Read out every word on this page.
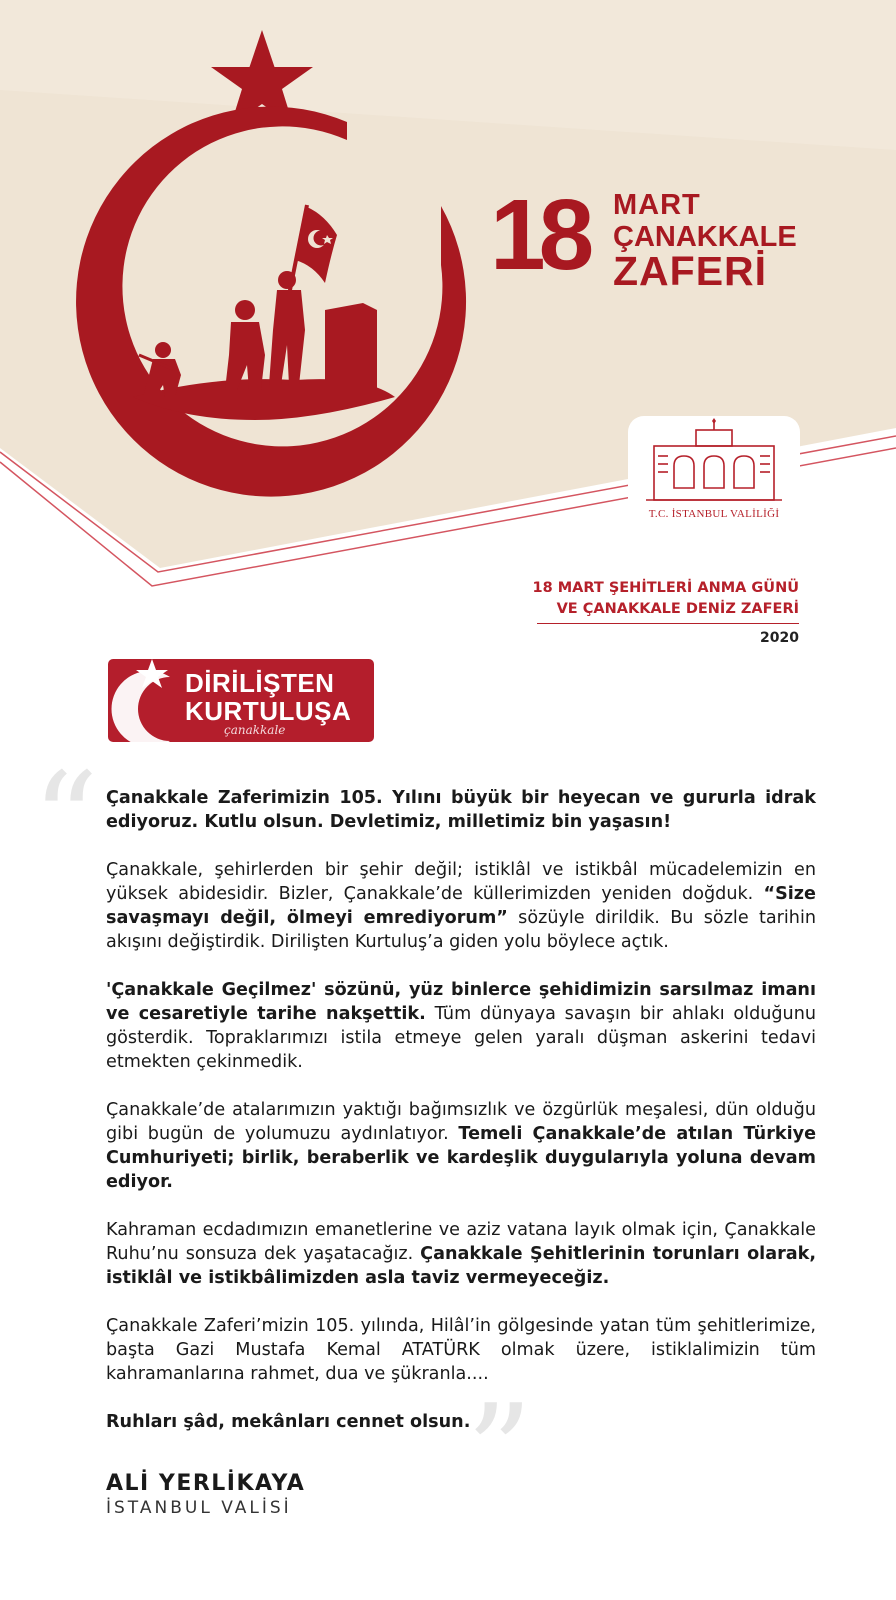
18 MART
ÇANAKKALE
ZAFERİ
T.C. İSTANBUL VALİLİĞİ
18 MART ŞEHİTLERİ ANMA GÜNÜ
VE ÇANAKKALE DENİZ ZAFERİ
2020
DİRİLİŞTEN
KURTULUŞA
çanakkale
“ Çanakkale Zaferimizin 105. Yılını büyük bir heyecan ve gururla idrak ediyoruz. Kutlu olsun. Devletimiz, milletimiz bin yaşasın!

Çanakkale, şehirlerden bir şehir değil; istiklâl ve istikbâl mücadelemizin en yüksek abidesidir. Bizler, Çanakkale’de küllerimizden yeniden doğduk. “Size savaşmayı değil, ölmeyi emrediyorum” sözüyle dirildik. Bu sözle tarihin akışını değiştirdik. Dirilişten Kurtuluş’a giden yolu böylece açtık.

'Çanakkale Geçilmez' sözünü, yüz binlerce şehidimizin sarsılmaz imanı ve cesaretiyle tarihe nakşettik. Tüm dünyaya savaşın bir ahlakı olduğunu gösterdik. Topraklarımızı istila etmeye gelen yaralı düşman askerini tedavi etmekten çekinmedik.

Çanakkale’de atalarımızın yaktığı bağımsızlık ve özgürlük meşalesi, dün olduğu gibi bugün de yolumuzu aydınlatıyor. Temeli Çanakkale’de atılan Türkiye Cumhuriyeti; birlik, beraberlik ve kardeşlik duygularıyla yoluna devam ediyor.

Kahraman ecdadımızın emanetlerine ve aziz vatana layık olmak için, Çanakkale Ruhu’nu sonsuza dek yaşatacağız. Çanakkale Şehitlerinin torunları olarak, istiklâl ve istikbâlimizden asla taviz vermeyeceğiz.

Çanakkale Zaferi’mizin 105. yılında, Hilâl’in gölgesinde yatan tüm şehitlerimize, başta Gazi Mustafa Kemal ATATÜRK olmak üzere, istiklalimizin tüm kahramanlarına rahmet, dua ve şükranla....

Ruhları şâd, mekânları cennet olsun.

”
ALİ YERLİKAYA
İSTANBUL VALİSİ
